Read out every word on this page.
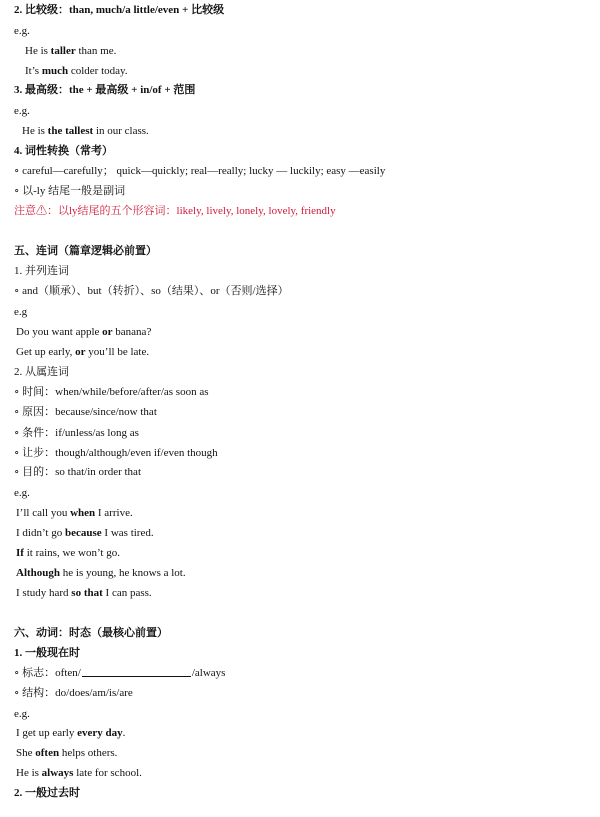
2. 比较级：than, much/a little/even + 比较级
e.g.
He is taller than me.
It’s much colder today.
3. 最高级：the + 最高级 + in/of + 范围
e.g.
He is the tallest in our class.
4. 词性转换（常考）
∘ careful—carefully； quick—quickly; real—really; lucky — luckily; easy —easily
∘ 以-ly 结尾一般是副词
注意⚠：以ly结尾的五个形容词：likely, lively, lonely, lovely, friendly
五、连词（篇章逻辑必前置）
1. 并列连词
∘ and（顺承）、but（转折）、so（结果）、or（否则/选择）
e.g
Do you want apple or banana?
Get up early, or you’ll be late.
2. 从属连词
∘ 时间：when/while/before/after/as soon as
∘ 原因：because/since/now that
∘ 条件：if/unless/as long as
∘ 让步：though/although/even if/even though
∘ 目的：so that/in order that
e.g.
I’ll call you when I arrive.
I didn’t go because I was tired.
If it rains, we won’t go.
Although he is young, he knows a lot.
I study hard so that I can pass.
六、动词：时态（最核心前置）
1. 一般现在时
∘ 标志：often/	/always
∘ 结构：do/does/am/is/are
e.g.
I get up early every day.
She often helps others.
He is always late for school.
2. 一般过去时
